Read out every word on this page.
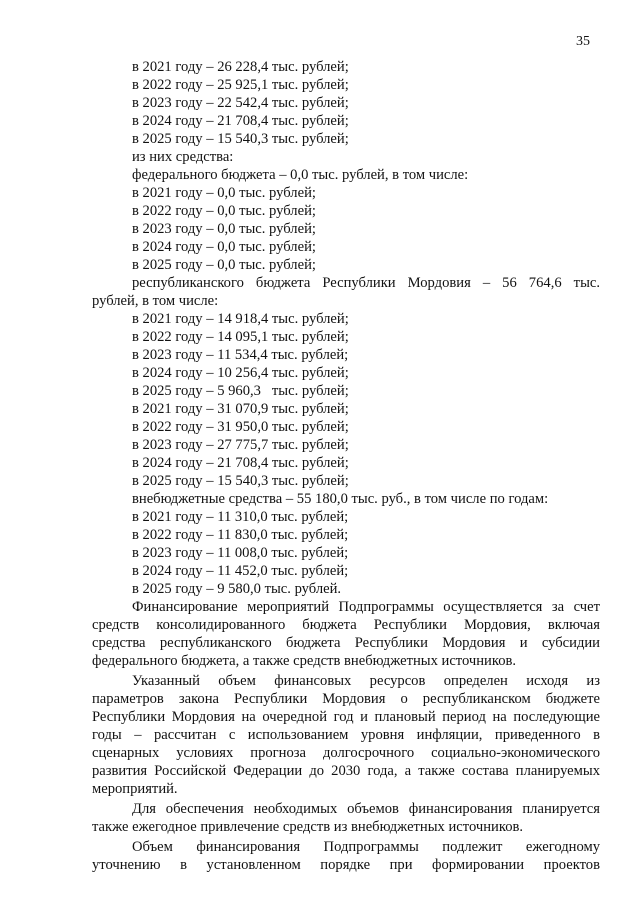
35
в 2021 году – 26 228,4 тыс. рублей;
в 2022 году – 25 925,1 тыс. рублей;
в 2023 году – 22 542,4 тыс. рублей;
в 2024 году – 21 708,4 тыс. рублей;
в 2025 году – 15 540,3 тыс. рублей;
из них средства:
федерального бюджета – 0,0 тыс. рублей, в том числе:
в 2021 году – 0,0 тыс. рублей;
в 2022 году – 0,0 тыс. рублей;
в 2023 году – 0,0 тыс. рублей;
в 2024 году – 0,0 тыс. рублей;
в 2025 году – 0,0 тыс. рублей;
республиканского бюджета Республики Мордовия – 56 764,6 тыс.
рублей, в том числе:
в 2021 году – 14 918,4 тыс. рублей;
в 2022 году – 14 095,1 тыс. рублей;
в 2023 году – 11 534,4 тыс. рублей;
в 2024 году – 10 256,4 тыс. рублей;
в 2025 году – 5 960,3   тыс. рублей;
в 2021 году – 31 070,9 тыс. рублей;
в 2022 году – 31 950,0 тыс. рублей;
в 2023 году – 27 775,7 тыс. рублей;
в 2024 году – 21 708,4 тыс. рублей;
в 2025 году – 15 540,3 тыс. рублей;
внебюджетные средства – 55 180,0 тыс. руб., в том числе по годам:
в 2021 году – 11 310,0 тыс. рублей;
в 2022 году – 11 830,0 тыс. рублей;
в 2023 году – 11 008,0 тыс. рублей;
в 2024 году – 11 452,0 тыс. рублей;
в 2025 году – 9 580,0 тыс. рублей.
Финансирование мероприятий Подпрограммы осуществляется за счет
средств консолидированного бюджета Республики Мордовия, включая
средства республиканского бюджета Республики Мордовия и субсидии
федерального бюджета, а также средств внебюджетных источников.
Указанный объем финансовых ресурсов определен исходя из
параметров закона Республики Мордовия о республиканском бюджете
Республики Мордовия на очередной год и плановый период на последующие
годы – рассчитан с использованием уровня инфляции, приведенного в
сценарных условиях прогноза долгосрочного социально-экономического
развития Российской Федерации до 2030 года, а также состава планируемых
мероприятий.
Для обеспечения необходимых объемов финансирования планируется
также ежегодное привлечение средств из внебюджетных источников.
Объем финансирования Подпрограммы подлежит ежегодному
уточнению в установленном порядке при формировании проектов
